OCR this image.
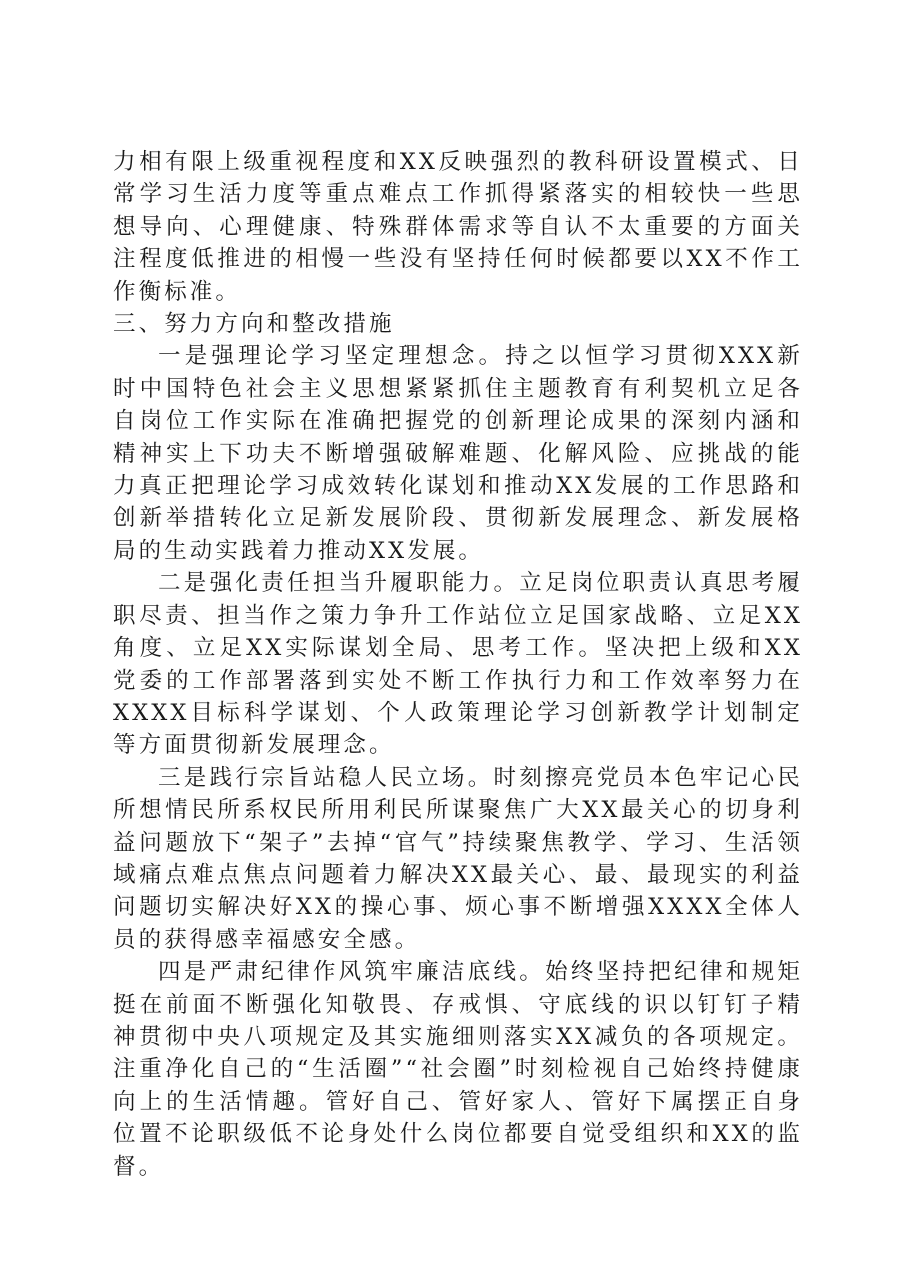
力相有限上级重视程度和XX反映强烈的教科研设置模式、日常学习生活力度等重点难点工作抓得紧落实的相较快一些思想导向、心理健康、特殊群体需求等自认不太重要的方面关注程度低推进的相慢一些没有坚持任何时候都要以XX不作工作衡标准。

三、努力方向和整改措施

一是强理论学习坚定理想念。持之以恒学习贯彻XXX新时中国特色社会主义思想紧紧抓住主题教育有利契机立足各自岗位工作实际在准确把握党的创新理论成果的深刻内涵和精神实上下功夫不断增强破解难题、化解风险、应挑战的能力真正把理论学习成效转化谋划和推动XX发展的工作思路和创新举措转化立足新发展阶段、贯彻新发展理念、新发展格局的生动实践着力推动XX发展。

二是强化责任担当升履职能力。立足岗位职责认真思考履职尽责、担当作之策力争升工作站位立足国家战略、立足XX角度、立足XX实际谋划全局、思考工作。坚决把上级和XX党委的工作部署落到实处不断工作执行力和工作效率努力在XXXX目标科学谋划、个人政策理论学习创新教学计划制定等方面贯彻新发展理念。

三是践行宗旨站稳人民立场。时刻擦亮党员本色牢记心民所想情民所系权民所用利民所谋聚焦广大XX最关心的切身利益问题放下“架子”去掉“官气”持续聚焦教学、学习、生活领域痛点难点焦点问题着力解决XX最关心、最、最现实的利益问题切实解决好XX的操心事、烦心事不断增强XXXX全体人员的获得感幸福感安全感。

四是严肃纪律作风筑牢廉洁底线。始终坚持把纪律和规矩挺在前面不断强化知敬畏、存戒惧、守底线的识以钉钉子精神贯彻中央八项规定及其实施细则落实XX减负的各项规定。注重净化自己的“生活圈”“社会圈”时刻检视自己始终持健康向上的生活情趣。管好自己、管好家人、管好下属摆正自身位置不论职级低不论身处什么岗位都要自觉受组织和XX的监督。
